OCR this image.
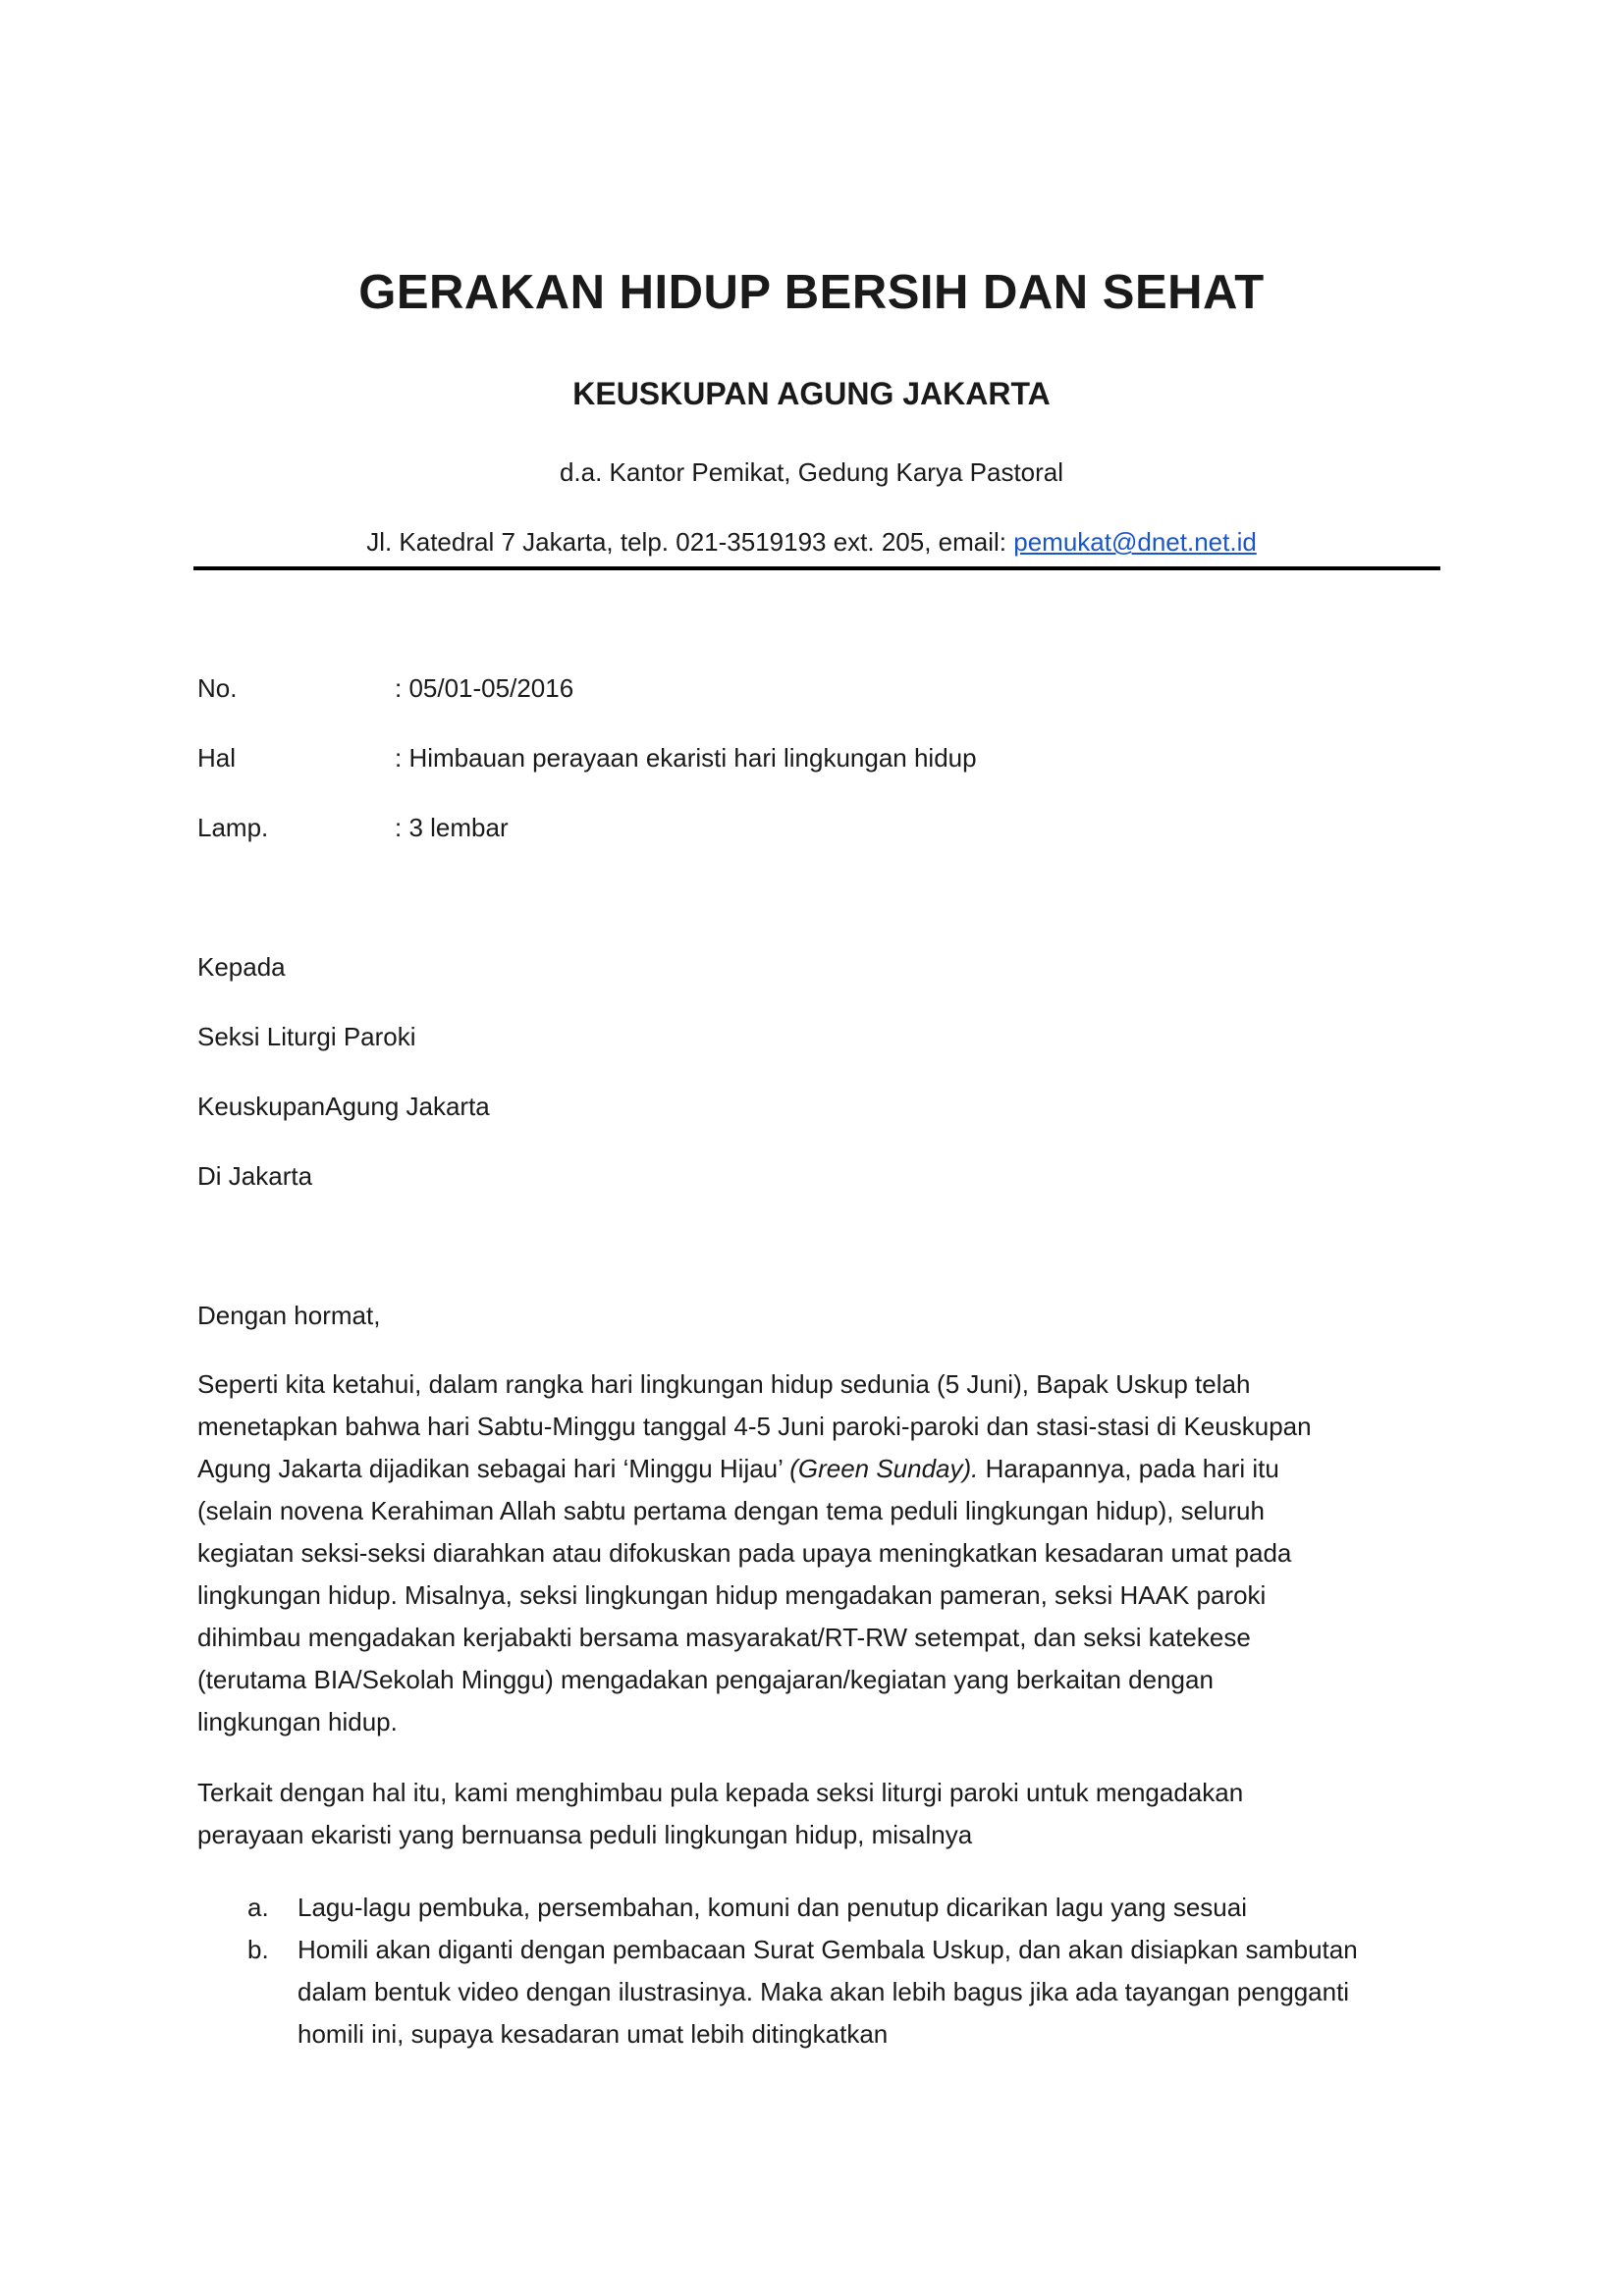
GERAKAN HIDUP BERSIH DAN SEHAT
KEUSKUPAN AGUNG JAKARTA
d.a. Kantor Pemikat, Gedung Karya Pastoral
Jl. Katedral 7 Jakarta, telp. 021-3519193 ext. 205, email: pemukat@dnet.net.id
No.	: 05/01-05/2016
Hal	: Himbauan perayaan ekaristi hari lingkungan hidup
Lamp.	: 3 lembar
Kepada
Seksi Liturgi Paroki
KeuskupanAgung Jakarta
Di Jakarta
Dengan hormat,

Seperti kita ketahui, dalam rangka hari lingkungan hidup sedunia (5 Juni), Bapak Uskup telah

menetapkan bahwa hari Sabtu-Minggu tanggal 4-5 Juni paroki-paroki dan stasi-stasi di Keuskupan

Agung Jakarta dijadikan sebagai hari ‘Minggu Hijau’ (Green Sunday). Harapannya, pada hari itu

(selain novena Kerahiman Allah sabtu pertama dengan tema peduli lingkungan hidup), seluruh

kegiatan seksi-seksi diarahkan atau difokuskan pada upaya meningkatkan kesadaran umat pada

lingkungan hidup. Misalnya, seksi lingkungan hidup mengadakan pameran, seksi HAAK paroki

dihimbau mengadakan kerjabakti bersama masyarakat/RT-RW setempat, dan seksi katekese

(terutama BIA/Sekolah Minggu) mengadakan pengajaran/kegiatan yang berkaitan dengan

lingkungan hidup.

Terkait dengan hal itu, kami menghimbau pula kepada seksi liturgi paroki untuk mengadakan

perayaan ekaristi yang bernuansa peduli lingkungan hidup, misalnya

a. Lagu-lagu pembuka, persembahan, komuni dan penutup dicarikan lagu yang sesuai
b. Homili akan diganti dengan pembacaan Surat Gembala Uskup, dan akan disiapkan sambutan
dalam bentuk video dengan ilustrasinya. Maka akan lebih bagus jika ada tayangan pengganti
homili ini, supaya kesadaran umat lebih ditingkatkan
